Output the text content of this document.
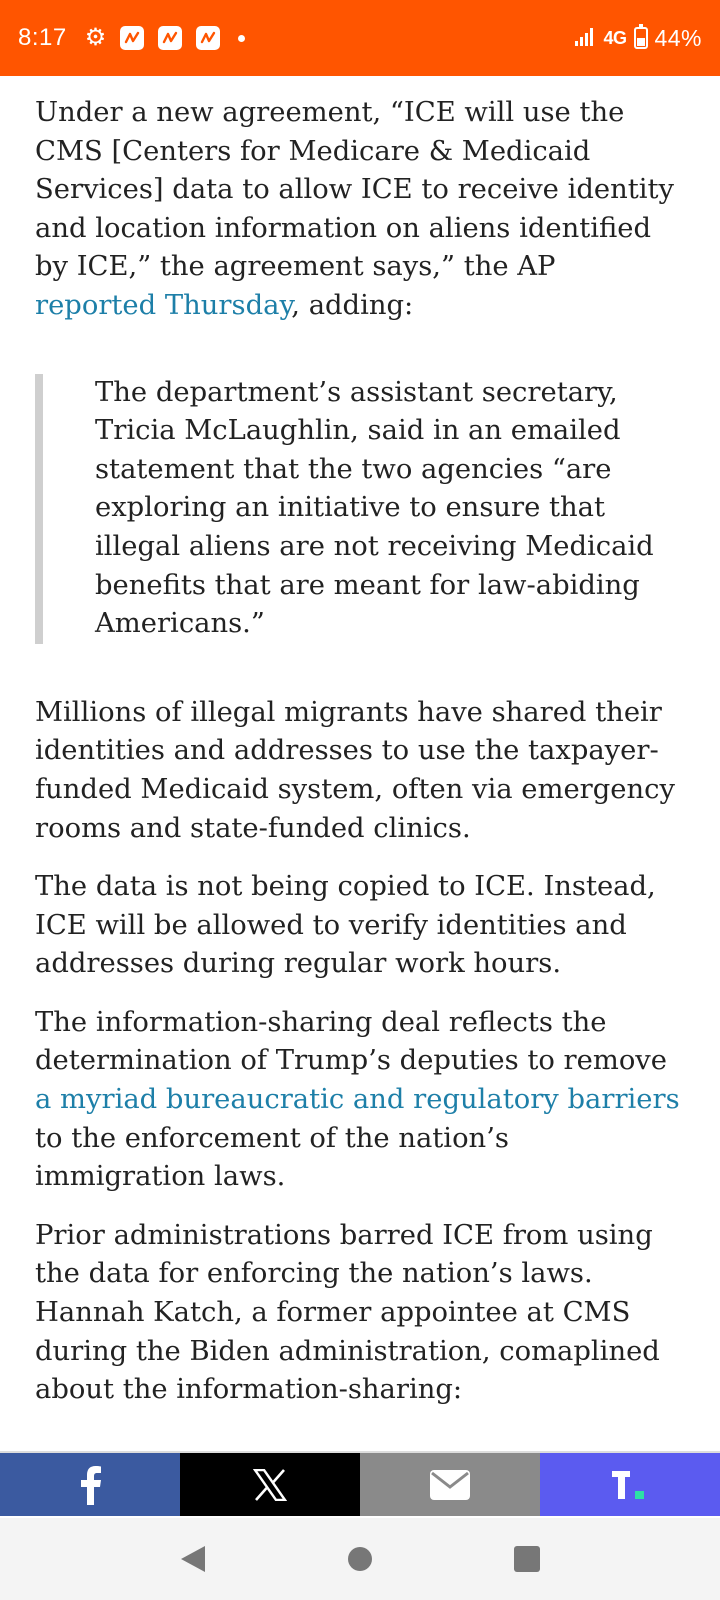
8:17 ⚙	4G 44%

Under a new agreement, “ICE will use the CMS [Centers for Medicare & Medicaid Services] data to allow ICE to receive identity and location information on aliens identified by ICE,” the agreement says,” the AP reported Thursday, adding:

The department’s assistant secretary, Tricia McLaughlin, said in an emailed statement that the two agencies “are exploring an initiative to ensure that illegal aliens are not receiving Medicaid benefits that are meant for law-abiding Americans.”

Millions of illegal migrants have shared their identities and addresses to use the taxpayer-funded Medicaid system, often via emergency rooms and state-funded clinics.

The data is not being copied to ICE. Instead, ICE will be allowed to verify identities and addresses during regular work hours.

The information-sharing deal reflects the determination of Trump’s deputies to remove a myriad bureaucratic and regulatory barriers to the enforcement of the nation’s immigration laws.

Prior administrations barred ICE from using the data for enforcing the nation’s laws. Hannah Katch, a former appointee at CMS during the Biden administration, comaplined about the information-sharing:
